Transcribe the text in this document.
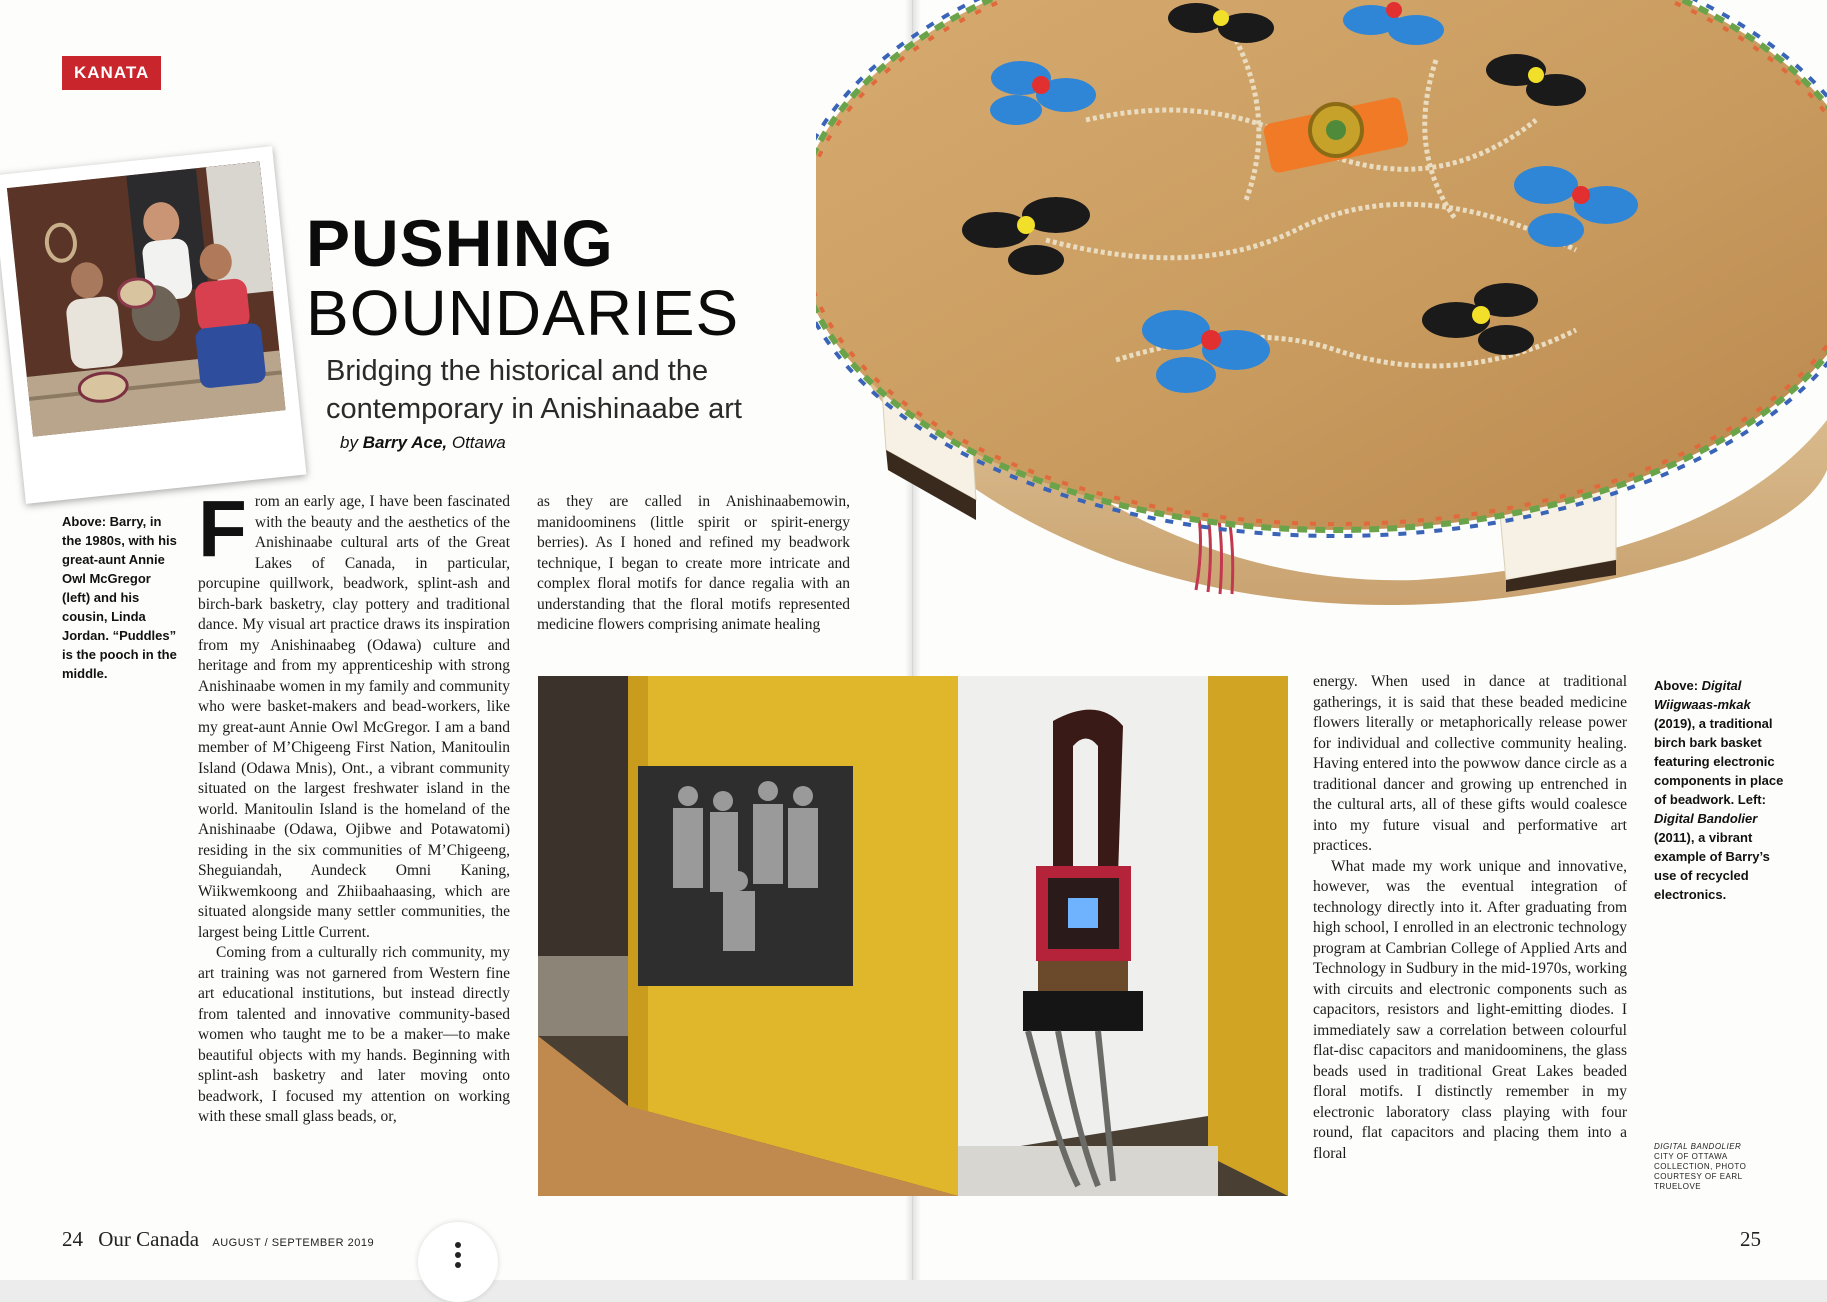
KANATA
Above: Barry, in the 1980s, with his great-aunt Annie Owl McGregor (left) and his cousin, Linda Jordan. “Puddles” is the pooch in the middle.
PUSHING
BOUNDARIES
Bridging the historical and the contemporary in Anishinaabe art
by Barry Ace, Ottawa

From an early age, I have been fascinated with the beauty and the aesthetics of the Anishinaabe cultural arts of the Great Lakes of Canada, in particular, porcupine quillwork, beadwork, splint-ash and birch-bark basketry, clay pottery and traditional dance. My visual art practice draws its inspiration from my Anishinaabeg (Odawa) culture and heritage and from my apprenticeship with strong Anishinaabe women in my family and community who were basket-makers and bead-workers, like my great-aunt Annie Owl McGregor. I am a band member of M’Chigeeng First Nation, Manitoulin Island (Odawa Mnis), Ont., a vibrant community situated on the largest freshwater island in the world. Manitoulin Island is the homeland of the Anishinaabe (Odawa, Ojibwe and Potawatomi) residing in the six communities of M’Chigeeng, Sheguiandah, Aundeck Omni Kaning, Wiikwemkoong and Zhiibaahaasing, which are situated alongside many settler communities, the largest being Little Current.

Coming from a culturally rich community, my art training was not garnered from Western fine art educational institutions, but instead directly from talented and innovative community-based women who taught me to be a maker—to make beautiful objects with my hands. Beginning with splint-ash basketry and later moving onto beadwork, I focused my attention on working with these small glass beads, or,

as they are called in Anishinaabemowin, manidoominens (little spirit or spirit-energy berries). As I honed and refined my beadwork technique, I began to create more intricate and complex floral motifs for dance regalia with an understanding that the floral motifs represented medicine flowers comprising animate healing

energy. When used in dance at traditional gatherings, it is said that these beaded medicine flowers literally or metaphorically release power for individual and collective community healing. Having entered into the powwow dance circle as a traditional dancer and growing up entrenched in the cultural arts, all of these gifts would coalesce into my future visual and performative art practices.

What made my work unique and innovative, however, was the eventual integration of technology directly into it. After graduating from high school, I enrolled in an electronic technology program at Cambrian College of Applied Arts and Technology in Sudbury in the mid-1970s, working with circuits and electronic components such as capacitors, resistors and light-emitting diodes. I immediately saw a correlation between colourful flat-disc capacitors and manidoominens, the glass beads used in traditional Great Lakes beaded floral motifs. I distinctly remember in my electronic laboratory class playing with four round, flat capacitors and placing them into a floral

Above: Digital Wiigwaas-mkak (2019), a traditional birch bark basket featuring electronic components in place of beadwork. Left: Digital Bandolier (2011), a vibrant example of Barry’s use of recycled electronics.
DIGITAL BANDOLIER
CITY OF OTTAWA COLLECTION, PHOTO COURTESY OF EARL TRUELOVE
24 Our Canada AUGUST / SEPTEMBER 2019	25
